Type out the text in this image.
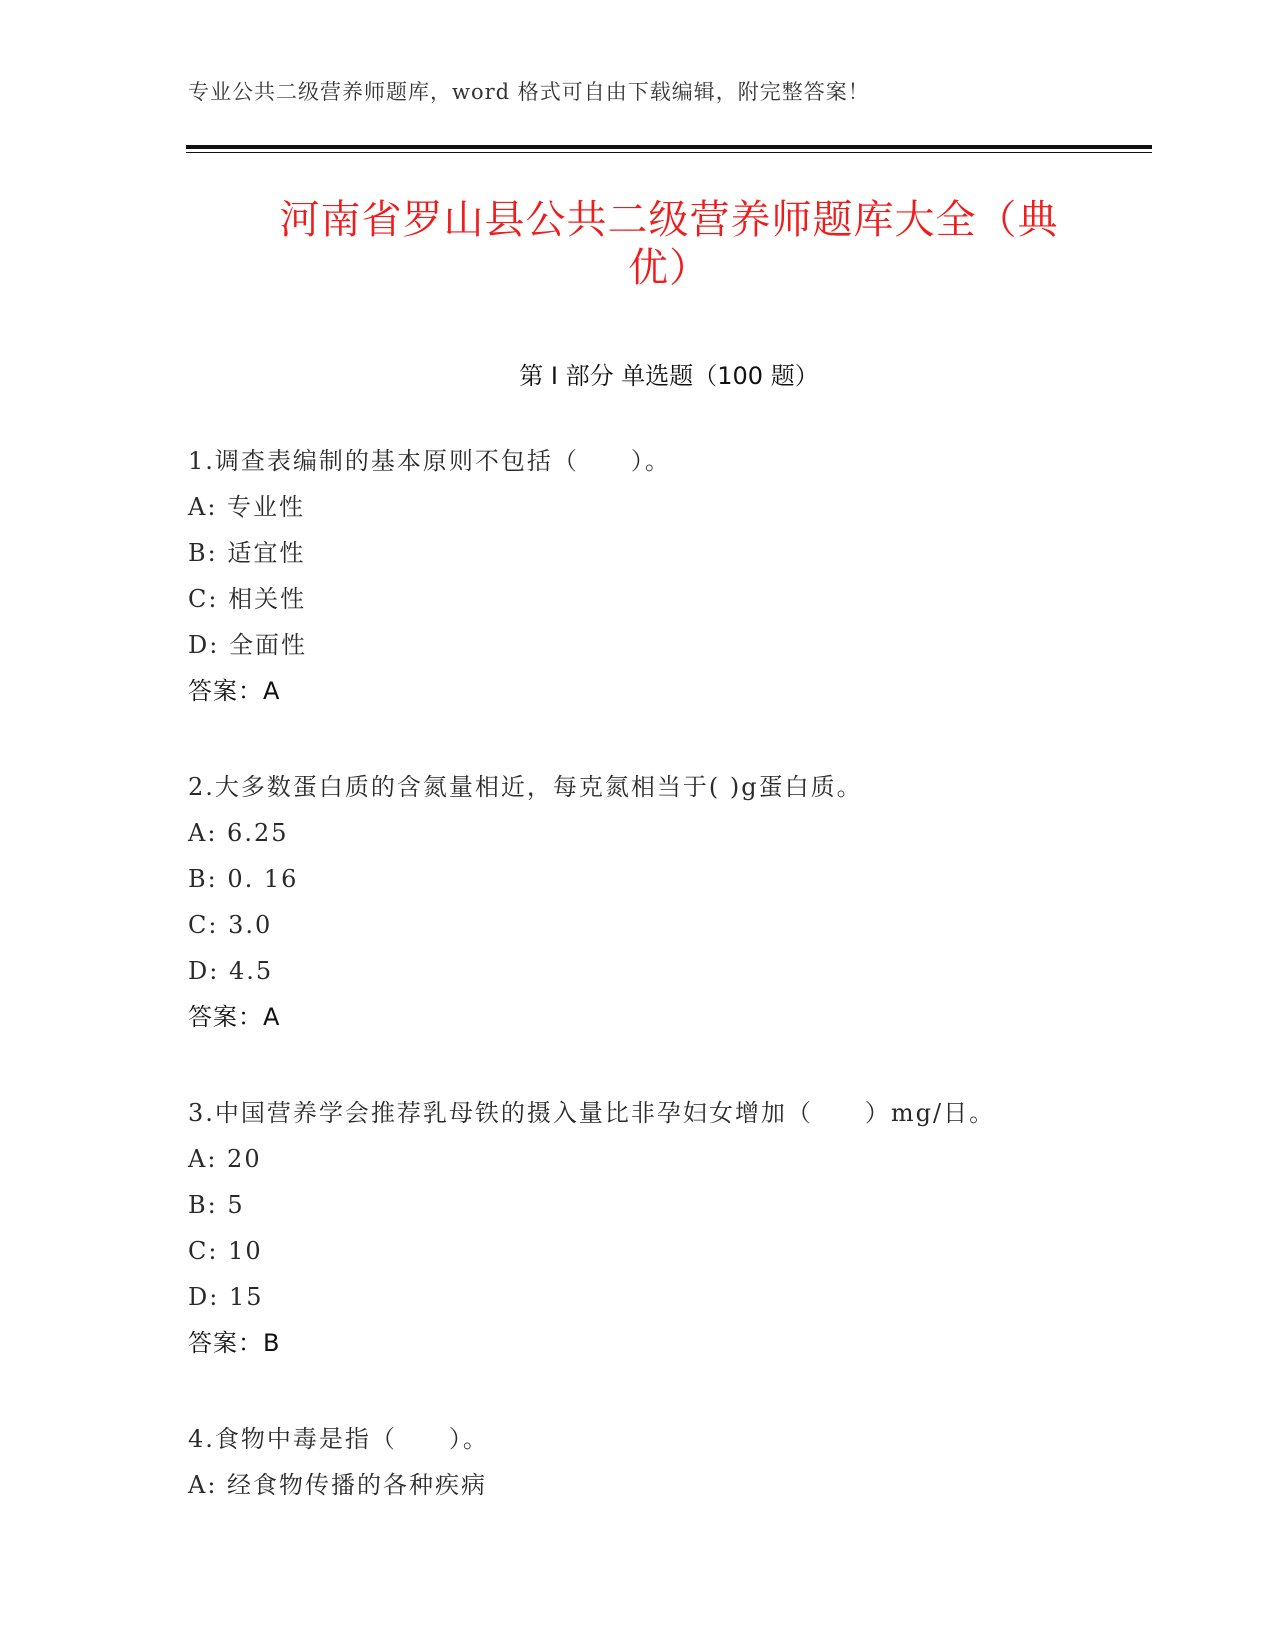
专业公共二级营养师题库，word 格式可自由下载编辑，附完整答案！
河南省罗山县公共二级营养师题库大全（典
优）
第 I 部分 单选题（100 题）
1.调查表编制的基本原则不包括（　　）。
A: 专业性
B: 适宜性
C: 相关性
D: 全面性
答案：A
2.大多数蛋白质的含氮量相近，每克氮相当于( )g蛋白质。
A: 6.25
B: 0. 16
C: 3.0
D: 4.5
答案：A
3.中国营养学会推荐乳母铁的摄入量比非孕妇女增加（　　）mg/日。
A: 20
B: 5
C: 10
D: 15
答案：B
4.食物中毒是指（　　）。
A: 经食物传播的各种疾病
